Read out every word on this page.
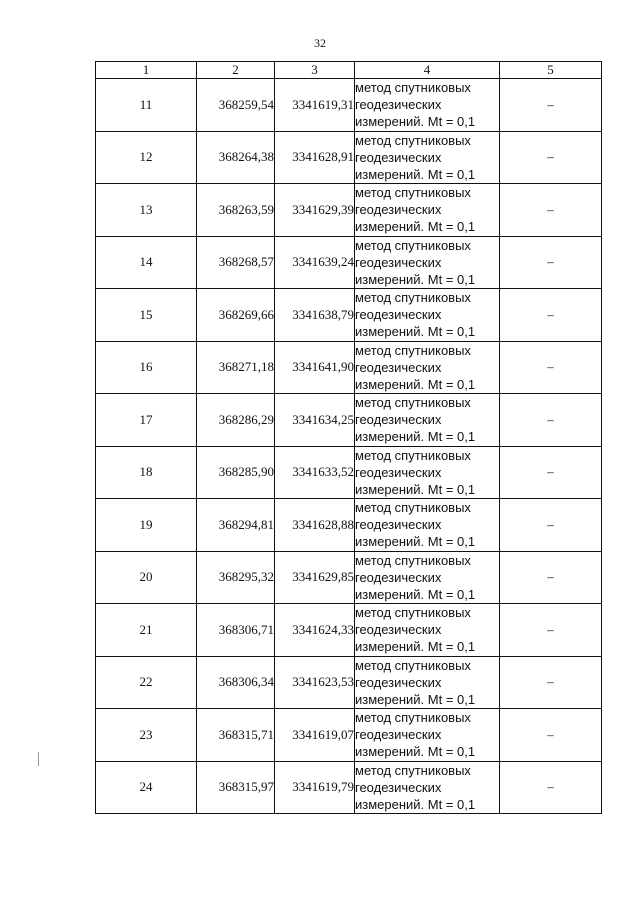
32
1	2	3	4	5
11	368259,54	3341619,31	метод спутниковых
геодезических
измерений. Mt = 0,1	–
12	368264,38	3341628,91	метод спутниковых
геодезических
измерений. Mt = 0,1	–
13	368263,59	3341629,39	метод спутниковых
геодезических
измерений. Mt = 0,1	–
14	368268,57	3341639,24	метод спутниковых
геодезических
измерений. Mt = 0,1	–
15	368269,66	3341638,79	метод спутниковых
геодезических
измерений. Mt = 0,1	–
16	368271,18	3341641,90	метод спутниковых
геодезических
измерений. Mt = 0,1	–
17	368286,29	3341634,25	метод спутниковых
геодезических
измерений. Mt = 0,1	–
18	368285,90	3341633,52	метод спутниковых
геодезических
измерений. Mt = 0,1	–
19	368294,81	3341628,88	метод спутниковых
геодезических
измерений. Mt = 0,1	–
20	368295,32	3341629,85	метод спутниковых
геодезических
измерений. Mt = 0,1	–
21	368306,71	3341624,33	метод спутниковых
геодезических
измерений. Mt = 0,1	–
22	368306,34	3341623,53	метод спутниковых
геодезических
измерений. Mt = 0,1	–
23	368315,71	3341619,07	метод спутниковых
геодезических
измерений. Mt = 0,1	–
24	368315,97	3341619,79	метод спутниковых
геодезических
измерений. Mt = 0,1	–
